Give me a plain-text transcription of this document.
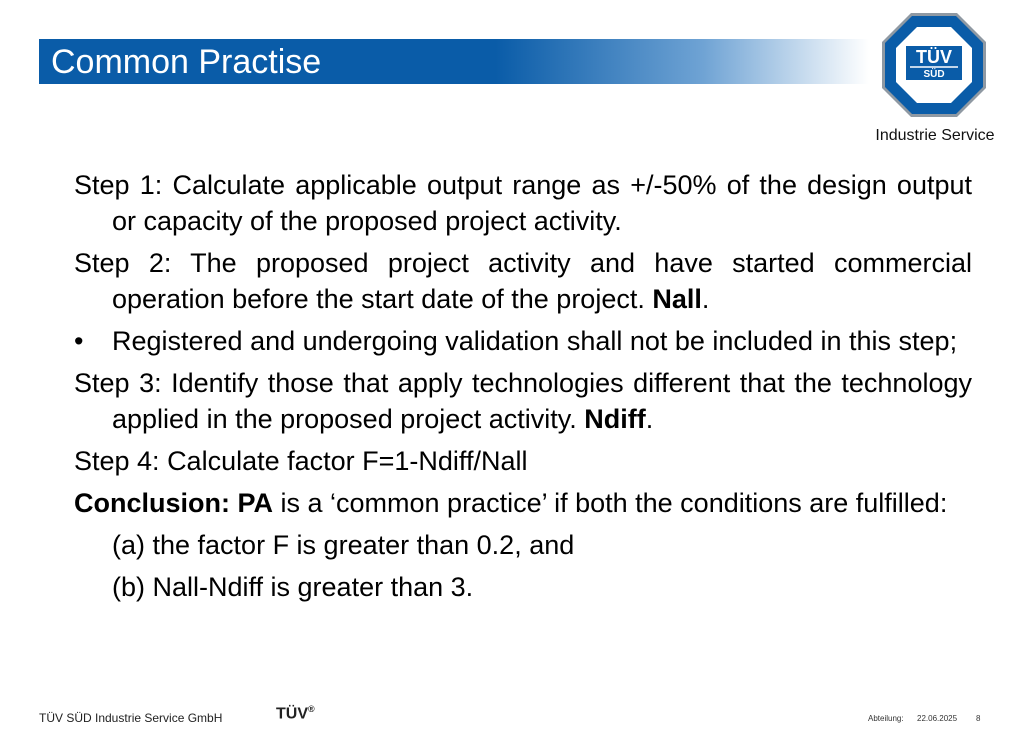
Common Practise	TÜV
SÜD
Industrie Service
Step 1: Calculate applicable output range as +/-50% of the design output or capacity of the proposed project activity.
Step 2: The proposed project activity and have started commercial operation before the start date of the project. Nall.
• Registered and undergoing validation shall not be included in this step;
Step 3: Identify those that apply technologies different that the technology applied in the proposed project activity. Ndiff.
Step 4: Calculate factor F=1-Ndiff/Nall
Conclusion: PA is a ‘common practice’ if both the conditions are fulfilled:
(a) the factor F is greater than 0.2, and
(b) Nall-Ndiff is greater than 3.
TÜV SÜD Industrie Service GmbH	TÜV®
Abteilung: 22.06.2025 8
